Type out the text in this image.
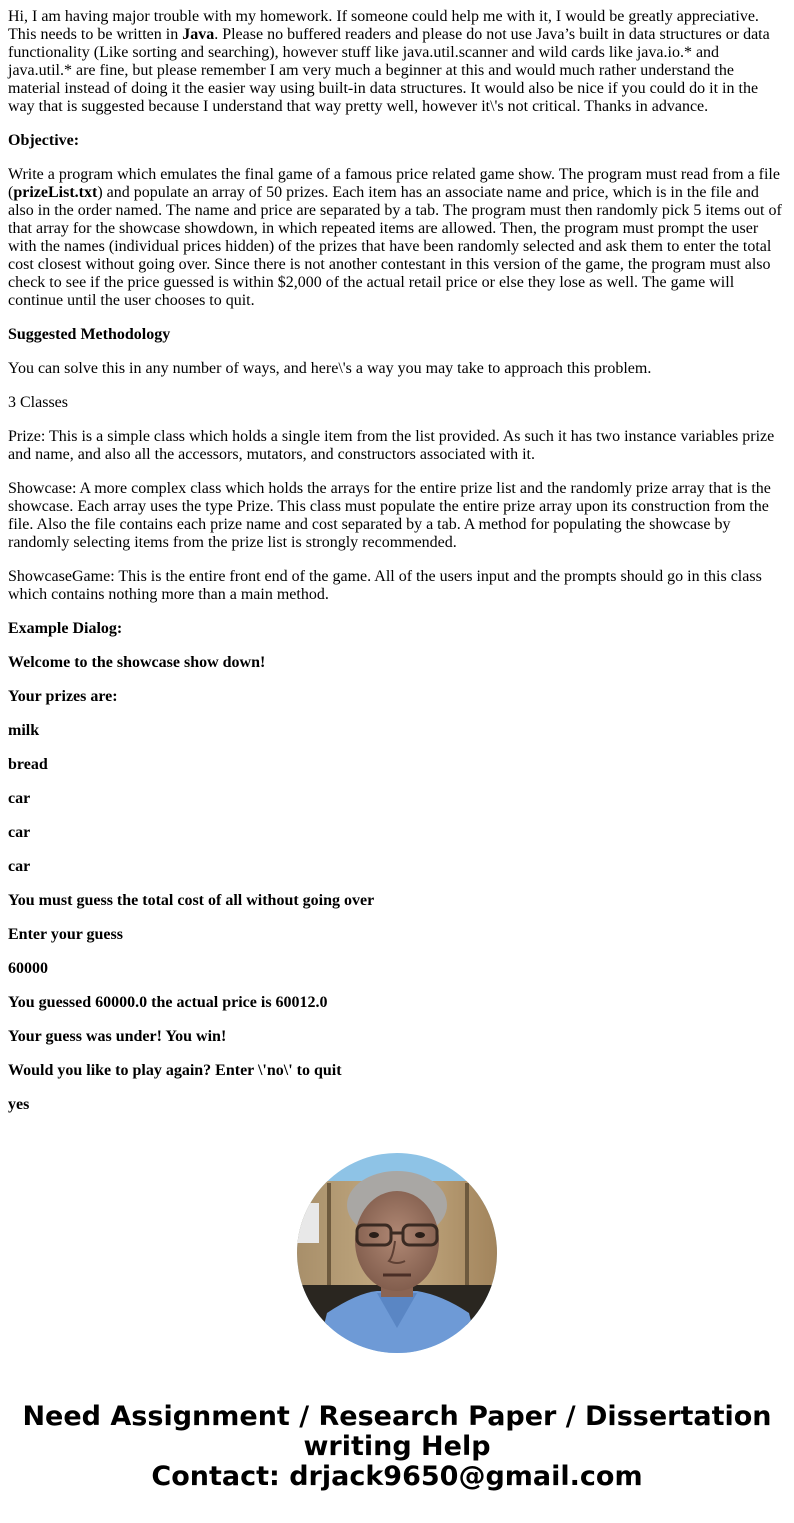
Hi, I am having major trouble with my homework. If someone could help me with it, I would be greatly appreciative. This needs to be written in Java. Please no buffered readers and please do not use Java’s built in data structures or data functionality (Like sorting and searching), however stuff like java.util.scanner and wild cards like java.io.* and java.util.* are fine, but please remember I am very much a beginner at this and would much rather understand the material instead of doing it the easier way using built-in data structures. It would also be nice if you could do it in the way that is suggested because I understand that way pretty well, however it\'s not critical. Thanks in advance.

Objective:

Write a program which emulates the final game of a famous price related game show. The program must read from a file (prizeList.txt) and populate an array of 50 prizes. Each item has an associate name and price, which is in the file and also in the order named. The name and price are separated by a tab. The program must then randomly pick 5 items out of that array for the showcase showdown, in which repeated items are allowed. Then, the program must prompt the user with the names (individual prices hidden) of the prizes that have been randomly selected and ask them to enter the total cost closest without going over. Since there is not another contestant in this version of the game, the program must also check to see if the price guessed is within $2,000 of the actual retail price or else they lose as well. The game will continue until the user chooses to quit.

Suggested Methodology

You can solve this in any number of ways, and here\'s a way you may take to approach this problem.

3 Classes

Prize: This is a simple class which holds a single item from the list provided. As such it has two instance variables prize and name, and also all the accessors, mutators, and constructors associated with it.

Showcase: A more complex class which holds the arrays for the entire prize list and the randomly prize array that is the showcase. Each array uses the type Prize. This class must populate the entire prize array upon its construction from the file. Also the file contains each prize name and cost separated by a tab. A method for populating the showcase by randomly selecting items from the prize list is strongly recommended.

ShowcaseGame: This is the entire front end of the game. All of the users input and the prompts should go in this class which contains nothing more than a main method.

Example Dialog:

Welcome to the showcase show down!

Your prizes are:

milk

bread

car

car

car

You must guess the total cost of all without going over

Enter your guess

60000

You guessed 60000.0 the actual price is 60012.0

Your guess was under! You win!

Would you like to play again? Enter \'no\' to quit

yes

Need Assignment / Research Paper / Dissertation
writing Help
Contact: drjack9650@gmail.com
